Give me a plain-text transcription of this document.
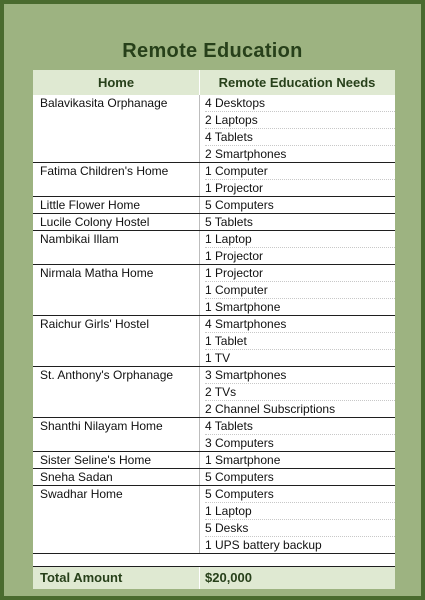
Remote Education
Home	Remote Education Needs
Balavikasita Orphanage	4 Desktops
2 Laptops
4 Tablets
2 Smartphones
Fatima Children's Home	1 Computer
1 Projector
Little Flower Home	5 Computers
Lucile Colony Hostel	5 Tablets
Nambikai Illam	1 Laptop
1 Projector
Nirmala Matha Home	1 Projector
1 Computer
1 Smartphone
Raichur Girls' Hostel	4 Smartphones
1 Tablet
1 TV
St. Anthony's Orphanage	3 Smartphones
2 TVs
2 Channel Subscriptions
Shanthi Nilayam Home	4 Tablets
3 Computers
Sister Seline's Home	1 Smartphone
Sneha Sadan	5 Computers
Swadhar Home	5 Computers
1 Laptop
5 Desks
1 UPS battery backup
Total Amount	$20,000
